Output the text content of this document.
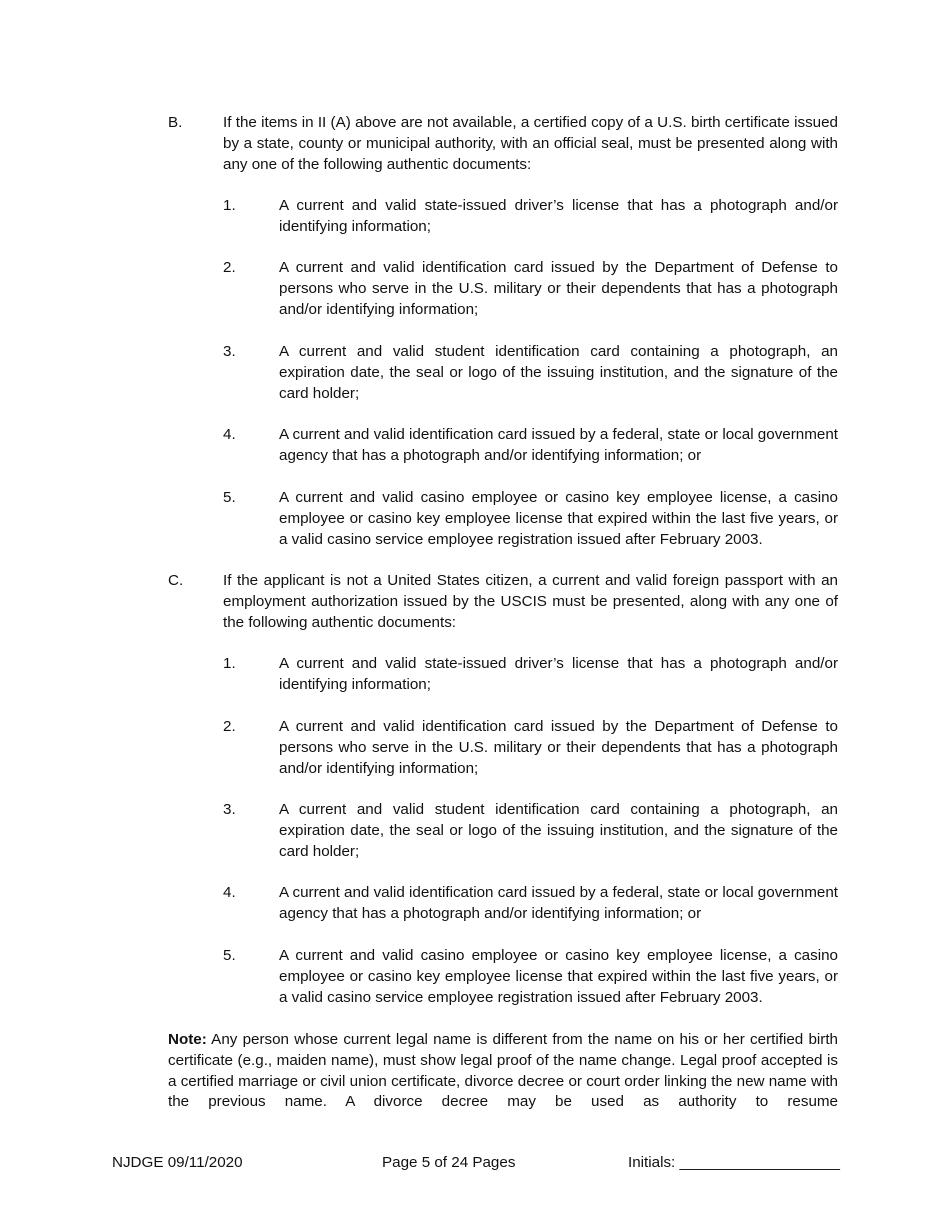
B.	If the items in II (A) above are not available, a certified copy of a U.S. birth certificate issued by a state, county or municipal authority, with an official seal, must be presented along with any one of the following authentic documents:
1.	A current and valid state-issued driver’s license that has a photograph and/or identifying information;
2.	A current and valid identification card issued by the Department of Defense to persons who serve in the U.S. military or their dependents that has a photograph and/or identifying information;
3.	A current and valid student identification card containing a photograph, an expiration date, the seal or logo of the issuing institution, and the signature of the card holder;
4.	A current and valid identification card issued by a federal, state or local government agency that has a photograph and/or identifying information; or
5.	A current and valid casino employee or casino key employee license, a casino employee or casino key employee license that expired within the last five years, or a valid casino service employee registration issued after February 2003.
C.	If the applicant is not a United States citizen, a current and valid foreign passport with an employment authorization issued by the USCIS must be presented, along with any one of the following authentic documents:
1.	A current and valid state-issued driver’s license that has a photograph and/or identifying information;
2.	A current and valid identification card issued by the Department of Defense to persons who serve in the U.S. military or their dependents that has a photograph and/or identifying information;
3.	A current and valid student identification card containing a photograph, an expiration date, the seal or logo of the issuing institution, and the signature of the card holder;
4.	A current and valid identification card issued by a federal, state or local government agency that has a photograph and/or identifying information; or
5.	A current and valid casino employee or casino key employee license, a casino employee or casino key employee license that expired within the last five years, or a valid casino service employee registration issued after February 2003.
Note: Any person whose current legal name is different from the name on his or her certified birth certificate (e.g., maiden name), must show legal proof of the name change. Legal proof accepted is a certified marriage or civil union certificate, divorce decree or court order linking the new name with the previous name. A divorce decree may be used as authority to resume
NJDGE 09/11/2020	Page 5 of 24 Pages	Initials: ___________________
